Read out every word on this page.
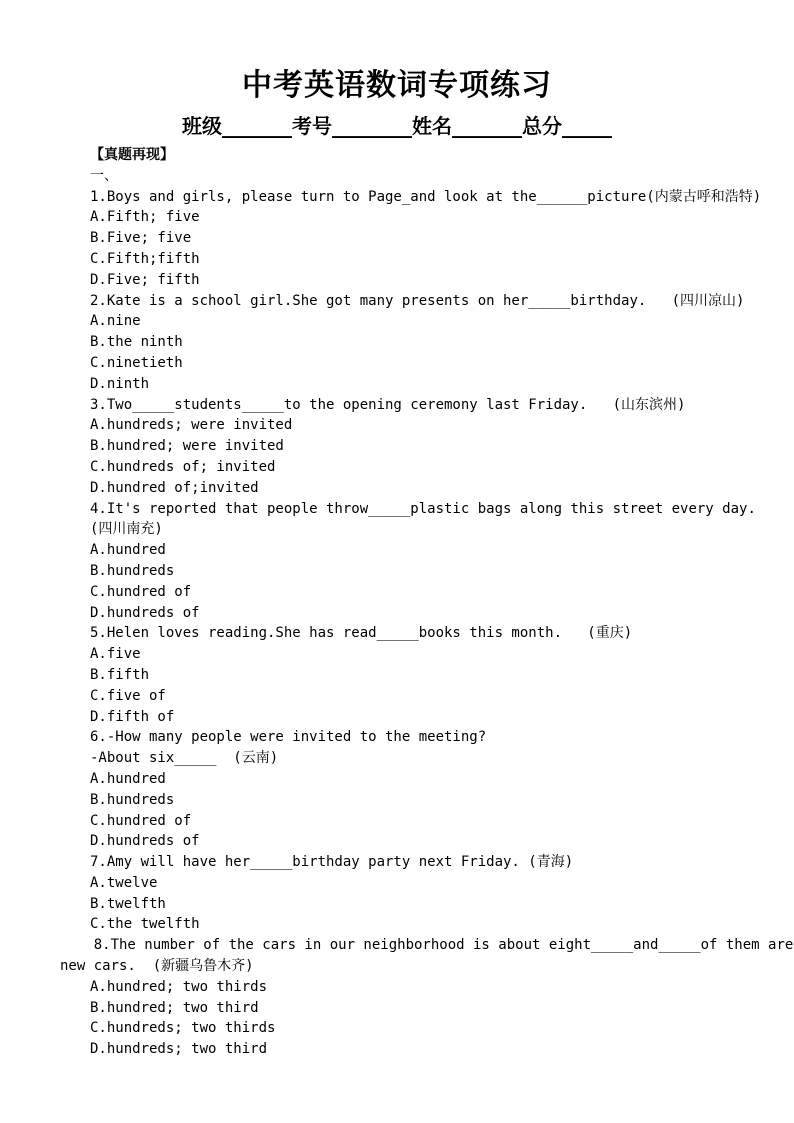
中考英语数词专项练习
班级_______考号________姓名_______总分_____
【真题再现】
一、
1.Boys and girls, please turn to Page_and look at the______picture(内蒙古呼和浩特)
A.Fifth; five
B.Five; five
C.Fifth;fifth
D.Five; fifth
2.Kate is a school girl.She got many presents on her_____birthday.   (四川凉山)
A.nine
B.the ninth
C.ninetieth
D.ninth
3.Two_____students_____to the opening ceremony last Friday.   (山东滨州)
A.hundreds; were invited
B.hundred; were invited
C.hundreds of; invited
D.hundred of;invited
4.It's reported that people throw_____plastic bags along this street every day.
(四川南充)
A.hundred
B.hundreds
C.hundred of
D.hundreds of
5.Helen loves reading.She has read_____books this month.   (重庆)
A.five
B.fifth
C.five of
D.fifth of
6.-How many people were invited to the meeting?
-About six_____  (云南)
A.hundred
B.hundreds
C.hundred of
D.hundreds of
7.Amy will have her_____birthday party next Friday. (青海)
A.twelve
B.twelfth
C.the twelfth
8.The number of the cars in our neighborhood is about eight_____and_____of them are
new cars.  (新疆乌鲁木齐)
A.hundred; two thirds
B.hundred; two third
C.hundreds; two thirds
D.hundreds; two third
